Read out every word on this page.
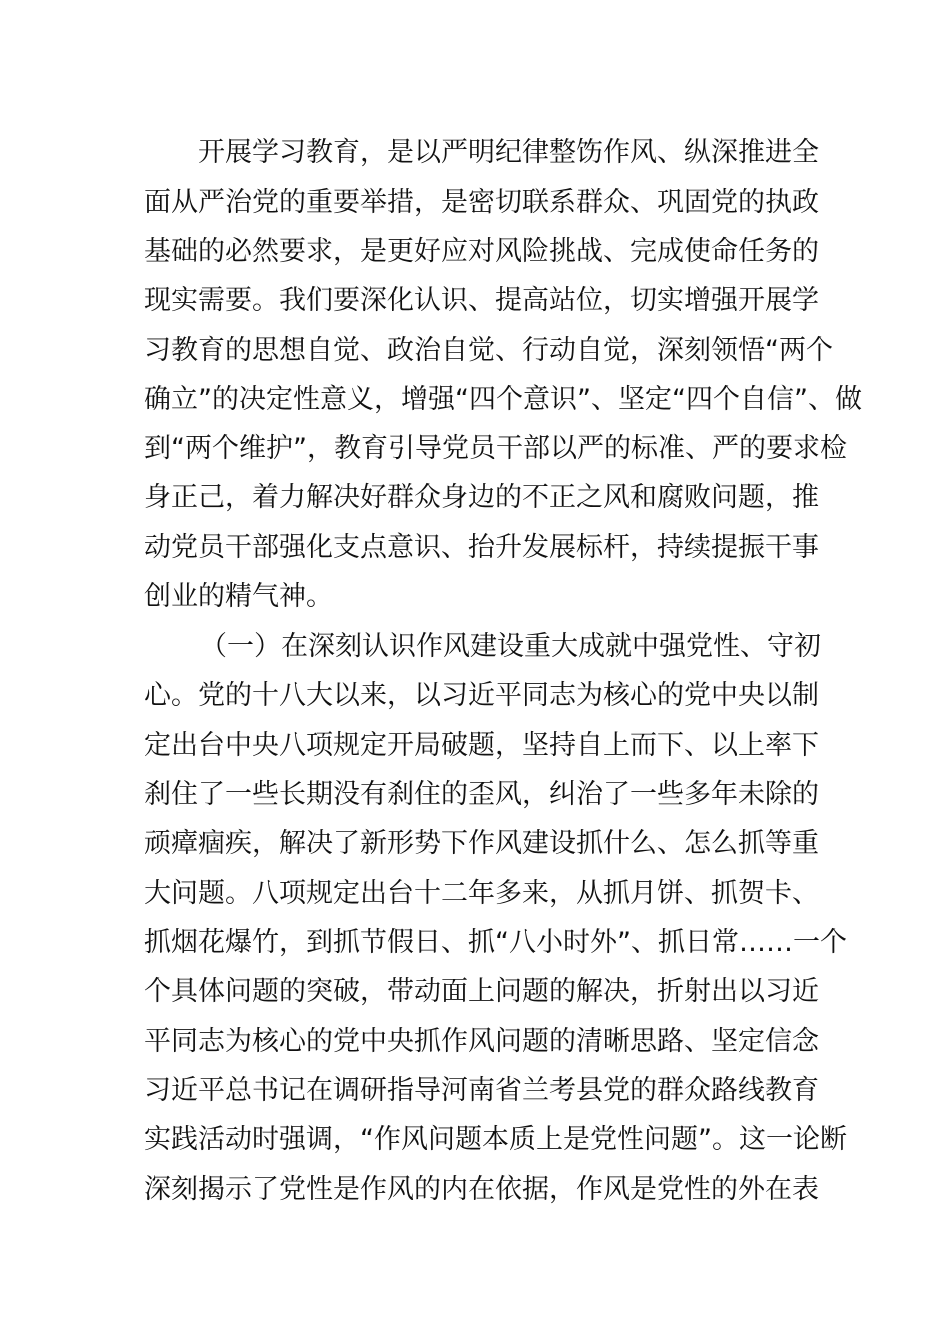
开展学习教育，是以严明纪律整饬作风、纵深推进全
面从严治党的重要举措，是密切联系群众、巩固党的执政
基础的必然要求，是更好应对风险挑战、完成使命任务的
现实需要。我们要深化认识、提高站位，切实增强开展学
习教育的思想自觉、政治自觉、行动自觉，深刻领悟“两个
确立”的决定性意义，增强“四个意识”、坚定“四个自信”、做
到“两个维护”，教育引导党员干部以严的标准、严的要求检
身正己，着力解决好群众身边的不正之风和腐败问题，推
动党员干部强化支点意识、抬升发展标杆，持续提振干事
创业的精气神。
（一）在深刻认识作风建设重大成就中强党性、守初
心。党的十八大以来，以习近平同志为核心的党中央以制
定出台中央八项规定开局破题，坚持自上而下、以上率下
刹住了一些长期没有刹住的歪风，纠治了一些多年未除的
顽瘴痼疾，解决了新形势下作风建设抓什么、怎么抓等重
大问题。八项规定出台十二年多来，从抓月饼、抓贺卡、
抓烟花爆竹，到抓节假日、抓“八小时外”、抓日常……一个
个具体问题的突破，带动面上问题的解决，折射出以习近
平同志为核心的党中央抓作风问题的清晰思路、坚定信念
习近平总书记在调研指导河南省兰考县党的群众路线教育
实践活动时强调，“作风问题本质上是党性问题”。这一论断
深刻揭示了党性是作风的内在依据，作风是党性的外在表
